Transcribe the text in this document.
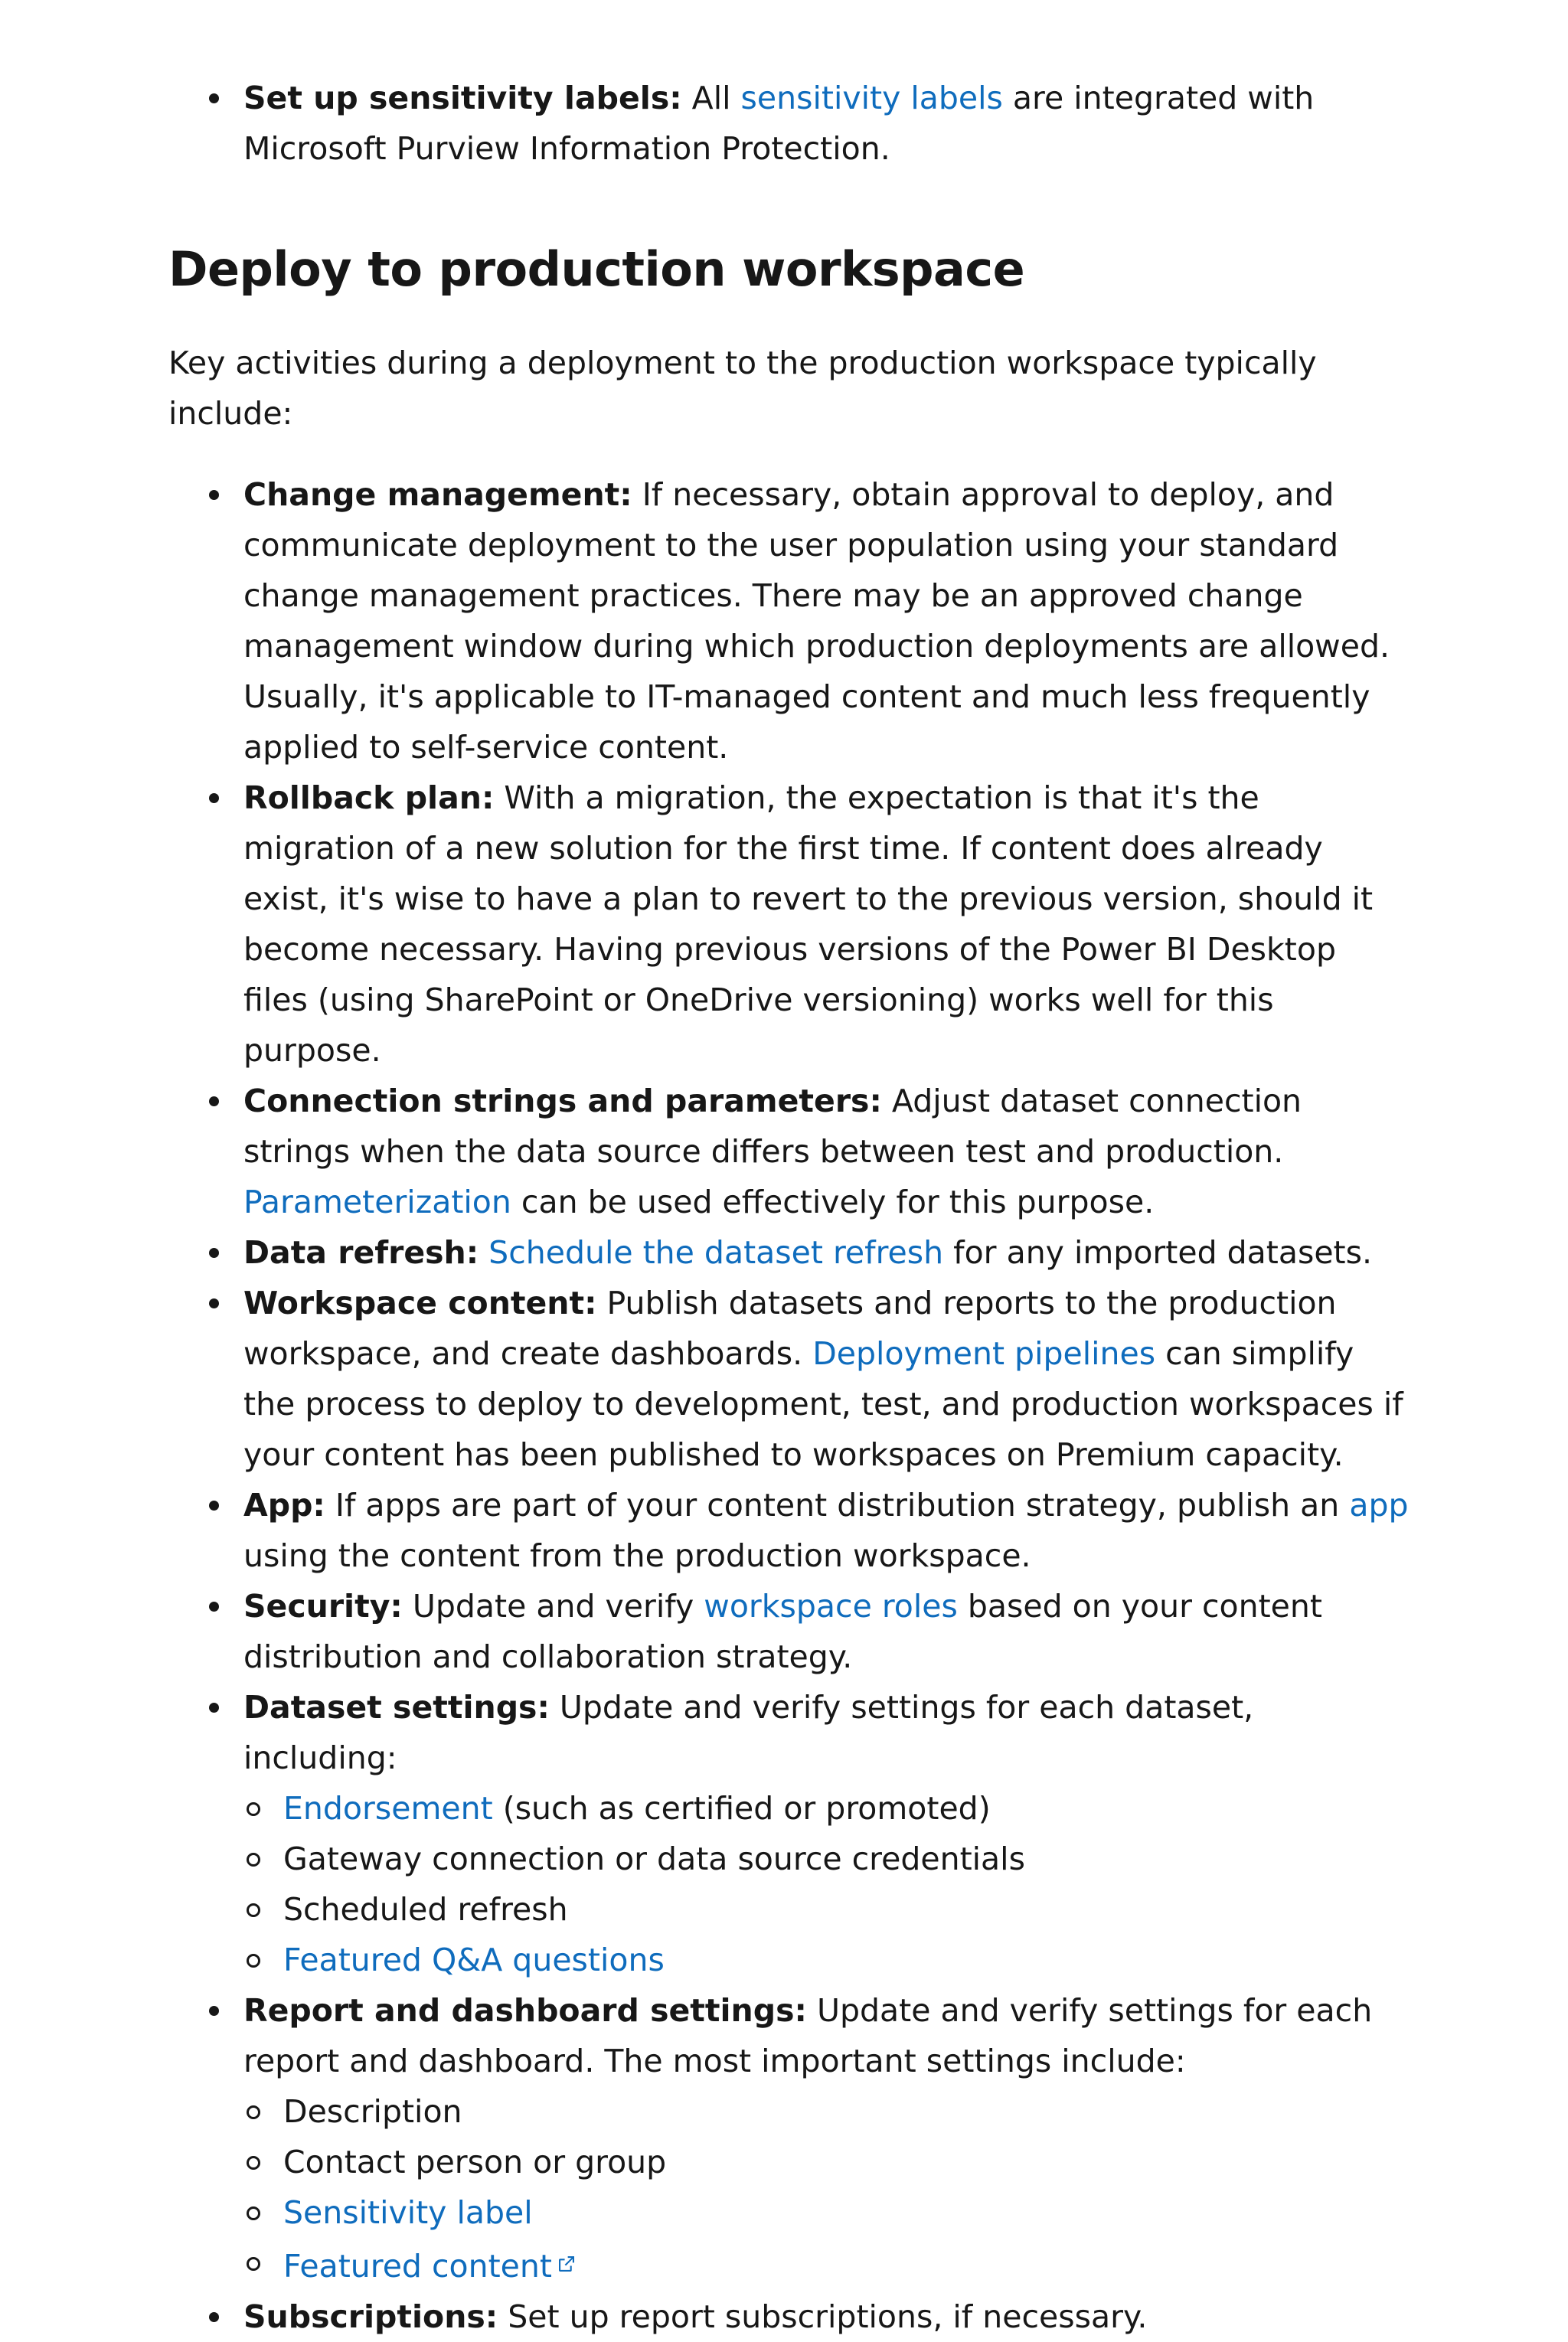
Set up sensitivity labels: All sensitivity labels are integrated with Microsoft Purview Information Protection.
Deploy to production workspace

Key activities during a deployment to the production workspace typically include:

Change management: If necessary, obtain approval to deploy, and communicate deployment to the user population using your standard change management practices. There may be an approved change management window during which production deployments are allowed. Usually, it's applicable to IT-managed content and much less frequently applied to self-service content.
Rollback plan: With a migration, the expectation is that it's the migration of a new solution for the first time. If content does already exist, it's wise to have a plan to revert to the previous version, should it become necessary. Having previous versions of the Power BI Desktop files (using SharePoint or OneDrive versioning) works well for this purpose.
Connection strings and parameters: Adjust dataset connection strings when the data source differs between test and production. Parameterization can be used effectively for this purpose.
Data refresh: Schedule the dataset refresh for any imported datasets.
Workspace content: Publish datasets and reports to the production workspace, and create dashboards. Deployment pipelines can simplify the process to deploy to development, test, and production workspaces if your content has been published to workspaces on Premium capacity.
App: If apps are part of your content distribution strategy, publish an app using the content from the production workspace.
Security: Update and verify workspace roles based on your content distribution and collaboration strategy.
Dataset settings: Update and verify settings for each dataset, including:
Endorsement (such as certified or promoted)
Gateway connection or data source credentials
Scheduled refresh
Featured Q&A questions
Report and dashboard settings: Update and verify settings for each report and dashboard. The most important settings include:
Description
Contact person or group
Sensitivity label
Featured content
Subscriptions: Set up report subscriptions, if necessary.
